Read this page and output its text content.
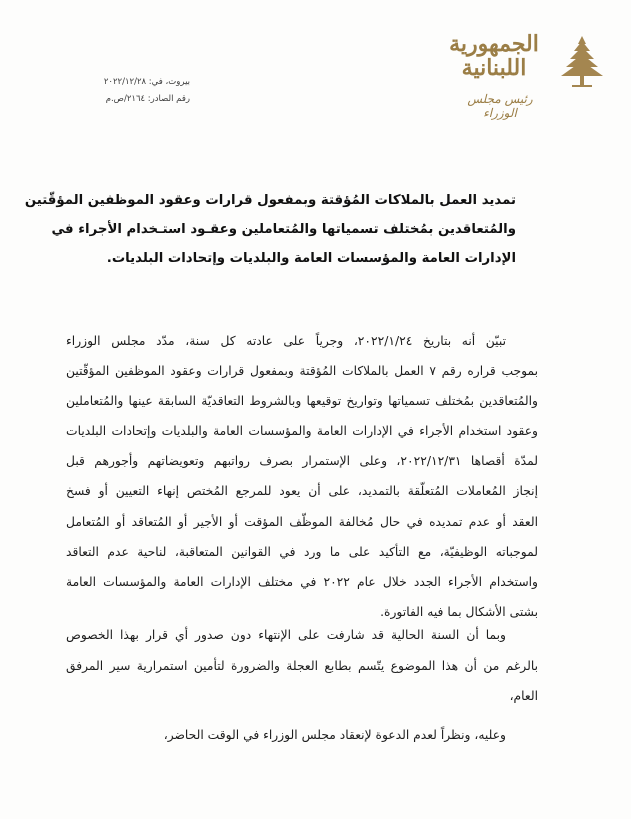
الجمهورية
اللبنانية
رئيس مجلس الوزراء
بيروت، في: ٢٠٢٢/١٢/٢٨
رقم الصادر: ٢١٦٤/ص.م
تمديد العمل بالملاكات المُؤقتة وبمفعول قرارات وعقود الموظفين المؤقّتين
والمُتعاقدين بمُختلف تسمياتها والمُتعاملين وعقـود استـخدام الأجراء في
الإدارات العامة والمؤسسات العامة والبلديات وإتحادات البلديات.
تبيّن أنه بتاريخ ٢٠٢٢/١/٢٤، وجرياً على عادته كل سنة، مدّد مجلس الوزراء
بموجب قراره رقم ٧ العمل بالملاكات المُؤقتة وبمفعول قرارات وعقود الموظفين المؤقّتين
والمُتعاقدين بمُختلف تسمياتها وتواريخ توقيعها وبالشروط التعاقديّة السابقة عينها والمُتعاملين
وعقود استخدام الأجراء في الإدارات العامة والمؤسسات العامة والبلديات وإتحادات البلديات
لمدّة أقصاها ٢٠٢٢/١٢/٣١، وعلى الإستمرار بصرف رواتبهم وتعويضاتهم وأجورهم قبل
إنجاز المُعاملات المُتعلّقة بالتمديد، على أن يعود للمرجع المُختص إنهاء التعيين أو فسخ
العقد أو عدم تمديده في حال مُخالفة الموظّف المؤقت أو الأجير أو المُتعاقد أو المُتعامل
لموجباته الوظيفيّة، مع التأكيد على ما ورد في القوانين المتعاقبة، لناحية عدم التعاقد
واستخدام الأجراء الجدد خلال عام ٢٠٢٢ في مختلف الإدارات العامة والمؤسسات العامة
بشتى الأشكال بما فيه الفاتورة.
وبما أن السنة الحالية قد شارفت على الإنتهاء دون صدور أي قرار بهذا الخصوص
بالرغم من أن هذا الموضوع يتّسم بطابع العجلة والضرورة لتأمين استمرارية سير المرفق
العام،
وعليه، ونظراً لعدم الدعوة لإنعقاد مجلس الوزراء في الوقت الحاضر،
